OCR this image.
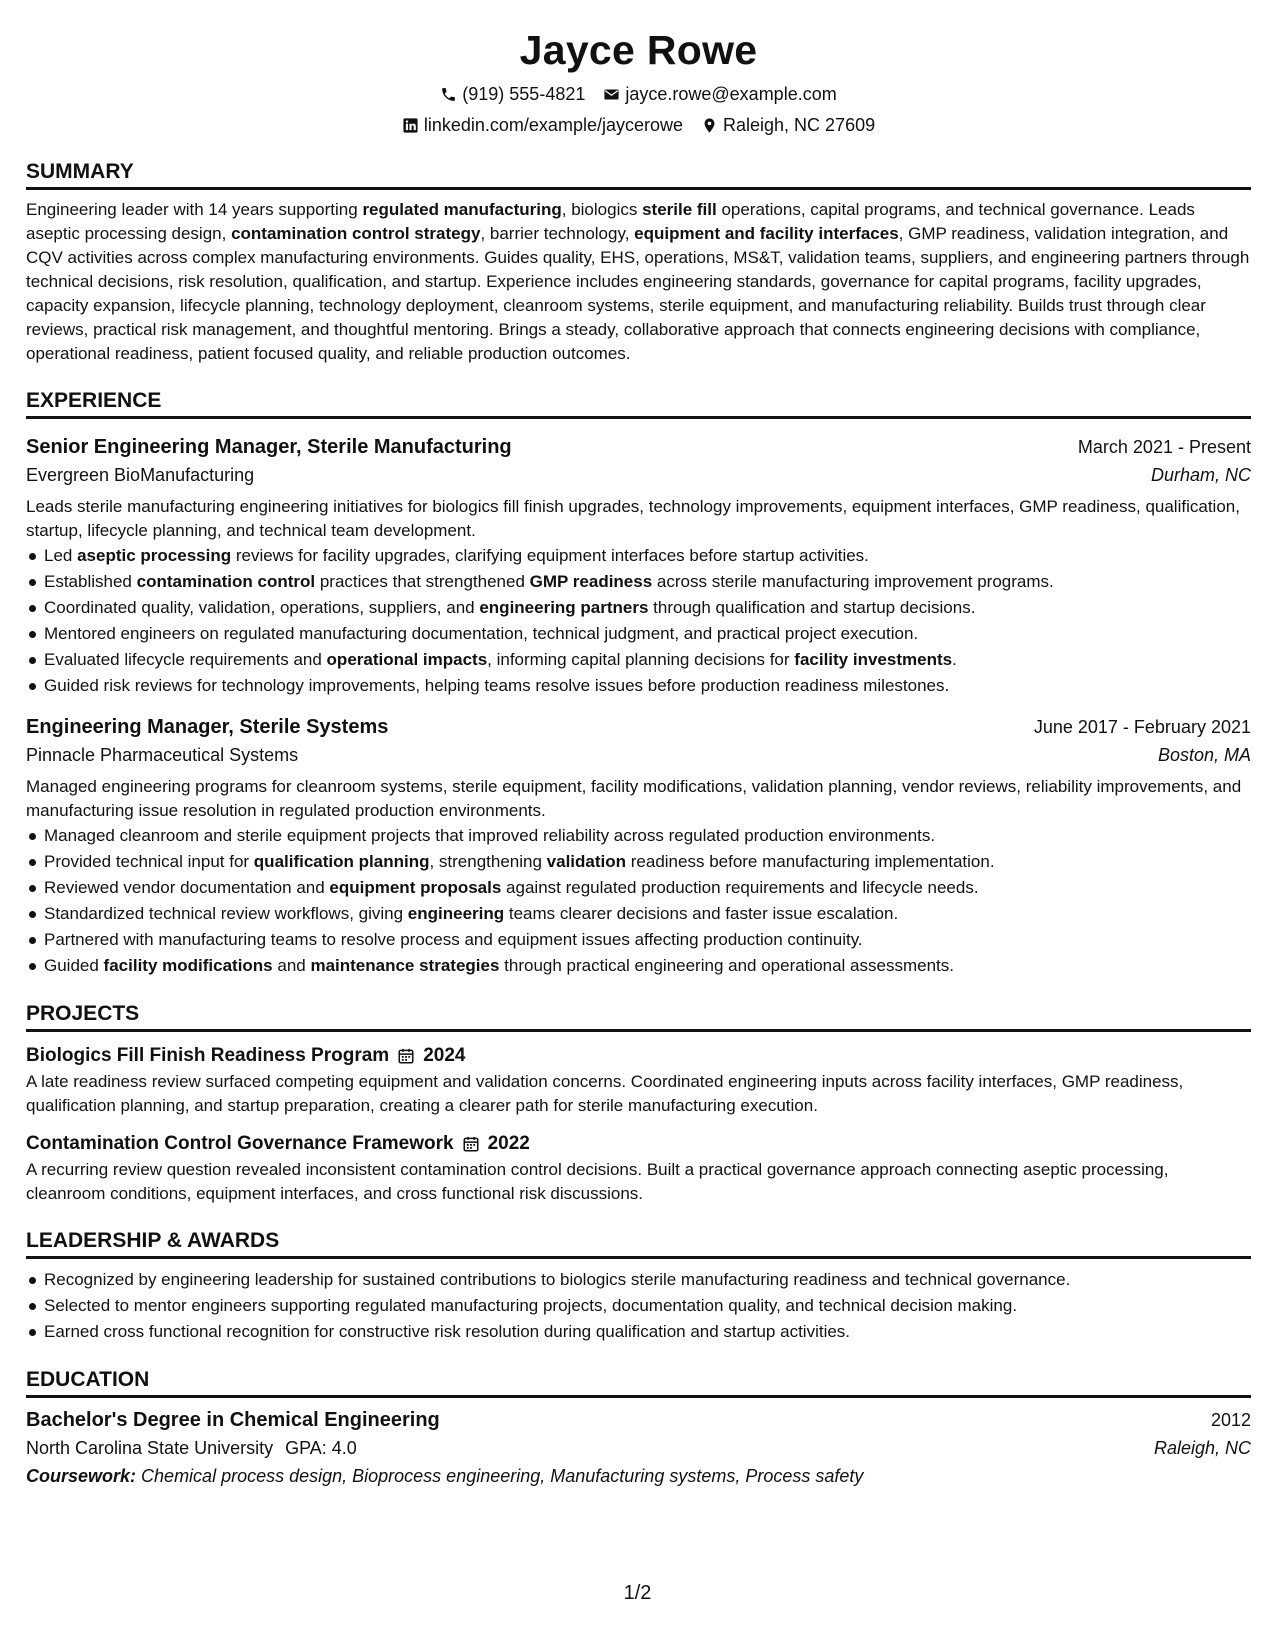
Jayce Rowe
(919) 555-4821 jayce.rowe@example.com
linkedin.com/example/jaycerowe Raleigh, NC 27609
SUMMARY

Engineering leader with 14 years supporting regulated manufacturing, biologics sterile fill operations, capital programs, and technical governance. Leads aseptic processing design, contamination control strategy, barrier technology, equipment and facility interfaces, GMP readiness, validation integration, and CQV activities across complex manufacturing environments. Guides quality, EHS, operations, MS&T, validation teams, suppliers, and engineering partners through technical decisions, risk resolution, qualification, and startup. Experience includes engineering standards, governance for capital programs, facility upgrades, capacity expansion, lifecycle planning, technology deployment, cleanroom systems, sterile equipment, and manufacturing reliability. Builds trust through clear reviews, practical risk management, and thoughtful mentoring. Brings a steady, collaborative approach that connects engineering decisions with compliance, operational readiness, patient focused quality, and reliable production outcomes.

EXPERIENCE
Senior Engineering Manager, Sterile Manufacturing	March 2021 - Present
Evergreen BioManufacturing	Durham, NC

Leads sterile manufacturing engineering initiatives for biologics fill finish upgrades, technology improvements, equipment interfaces, GMP readiness, qualification, startup, lifecycle planning, and technical team development.

Led aseptic processing reviews for facility upgrades, clarifying equipment interfaces before startup activities.
Established contamination control practices that strengthened GMP readiness across sterile manufacturing improvement programs.
Coordinated quality, validation, operations, suppliers, and engineering partners through qualification and startup decisions.
Mentored engineers on regulated manufacturing documentation, technical judgment, and practical project execution.
Evaluated lifecycle requirements and operational impacts, informing capital planning decisions for facility investments.
Guided risk reviews for technology improvements, helping teams resolve issues before production readiness milestones.
Engineering Manager, Sterile Systems	June 2017 - February 2021
Pinnacle Pharmaceutical Systems	Boston, MA

Managed engineering programs for cleanroom systems, sterile equipment, facility modifications, validation planning, vendor reviews, reliability improvements, and manufacturing issue resolution in regulated production environments.

Managed cleanroom and sterile equipment projects that improved reliability across regulated production environments.
Provided technical input for qualification planning, strengthening validation readiness before manufacturing implementation.
Reviewed vendor documentation and equipment proposals against regulated production requirements and lifecycle needs.
Standardized technical review workflows, giving engineering teams clearer decisions and faster issue escalation.
Partnered with manufacturing teams to resolve process and equipment issues affecting production continuity.
Guided facility modifications and maintenance strategies through practical engineering and operational assessments.
PROJECTS
Biologics Fill Finish Readiness Program 2024

A late readiness review surfaced competing equipment and validation concerns. Coordinated engineering inputs across facility interfaces, GMP readiness, qualification planning, and startup preparation, creating a clearer path for sterile manufacturing execution.

Contamination Control Governance Framework 2022

A recurring review question revealed inconsistent contamination control decisions. Built a practical governance approach connecting aseptic processing, cleanroom conditions, equipment interfaces, and cross functional risk discussions.

LEADERSHIP & AWARDS
Recognized by engineering leadership for sustained contributions to biologics sterile manufacturing readiness and technical governance.
Selected to mentor engineers supporting regulated manufacturing projects, documentation quality, and technical decision making.
Earned cross functional recognition for constructive risk resolution during qualification and startup activities.
EDUCATION
Bachelor's Degree in Chemical Engineering	2012
North Carolina State University GPA: 4.0	Raleigh, NC
Coursework: Chemical process design, Bioprocess engineering, Manufacturing systems, Process safety
1/2
